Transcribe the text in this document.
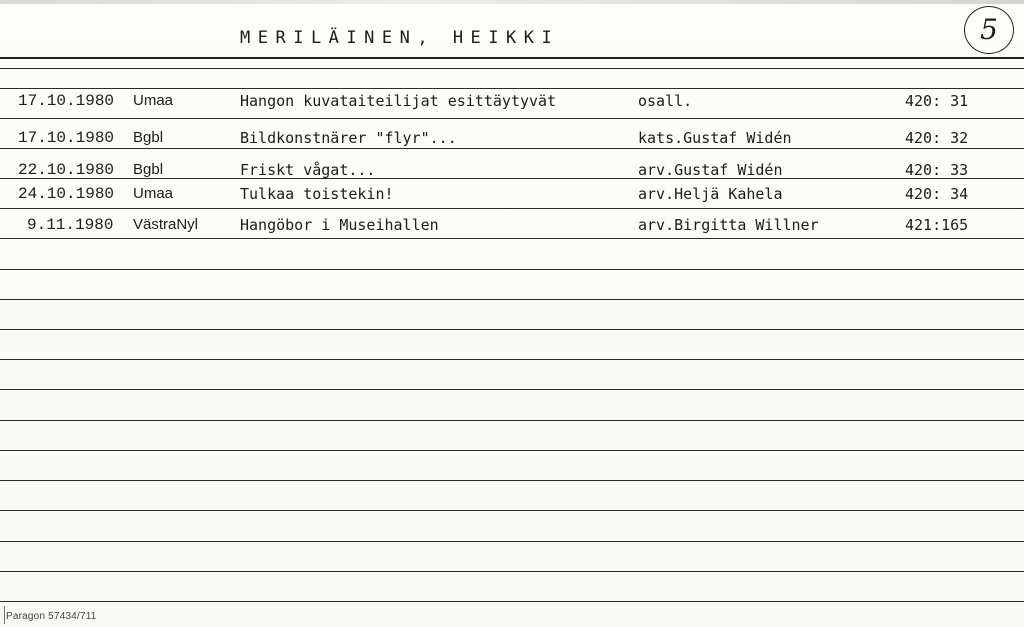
MERILÄINEN, HEIKKI	5
17.10.1980 Umaa	Hangon kuvataiteilijat esittäytyvät	osall.	420: 31
17.10.1980 Bgbl	Bildkonstnärer "flyr"...	kats.Gustaf Widén	420: 32
22.10.1980 Bgbl	Friskt vågat...	arv.Gustaf Widén	420: 33
24.10.1980 Umaa	Tulkaa toistekin!	arv.Heljä Kahela	420: 34
9.11.1980 VästraNyl	Hangöbor i Museihallen	arv.Birgitta Willner	421:165
Paragon 57434/711
